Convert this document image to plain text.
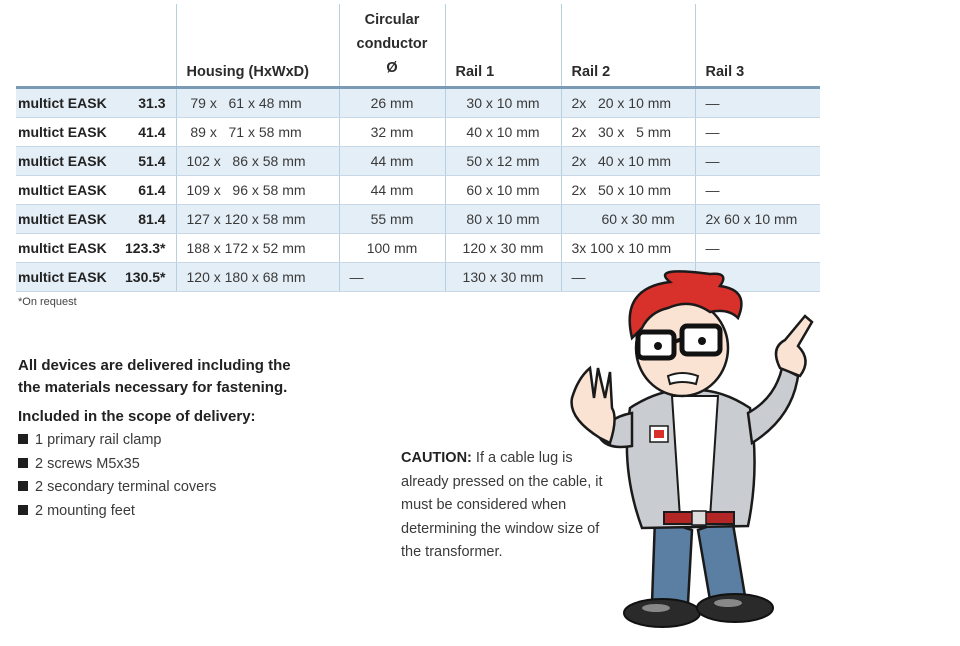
	Housing (HxWxD)	Circular
conductor
Ø	Rail 1	Rail 2	Rail 3

multict EASK 31.3	79 x   61 x 48 mm	26 mm	30 x 10 mm	2x   20 x 10 mm	—

multict EASK 41.4	89 x   71 x 58 mm	32 mm	40 x 10 mm	2x   30 x   5 mm	—

multict EASK 51.4	102 x   86 x 58 mm	44 mm	50 x 12 mm	2x   40 x 10 mm	—

multict EASK 61.4	109 x   96 x 58 mm	44 mm	60 x 10 mm	2x   50 x 10 mm	—

multict EASK 81.4	127 x 120 x 58 mm	55 mm	80 x 10 mm	60 x 30 mm	2x 60 x 10 mm

multict EASK 123.3*	188 x 172 x 52 mm	100 mm	120 x 30 mm	3x 100 x 10 mm	—

multict EASK 130.5*	120 x 180 x 68 mm	—	130 x 30 mm	—	
*On request

All devices are delivered including the
the materials necessary for fastening.

Included in the scope of delivery:
1 primary rail clamp
2 screws M5x35
2 secondary terminal covers
2 mounting feet
CAUTION: If a cable lug is already pressed on the cable, it must be considered when determining the window size of the transformer.
